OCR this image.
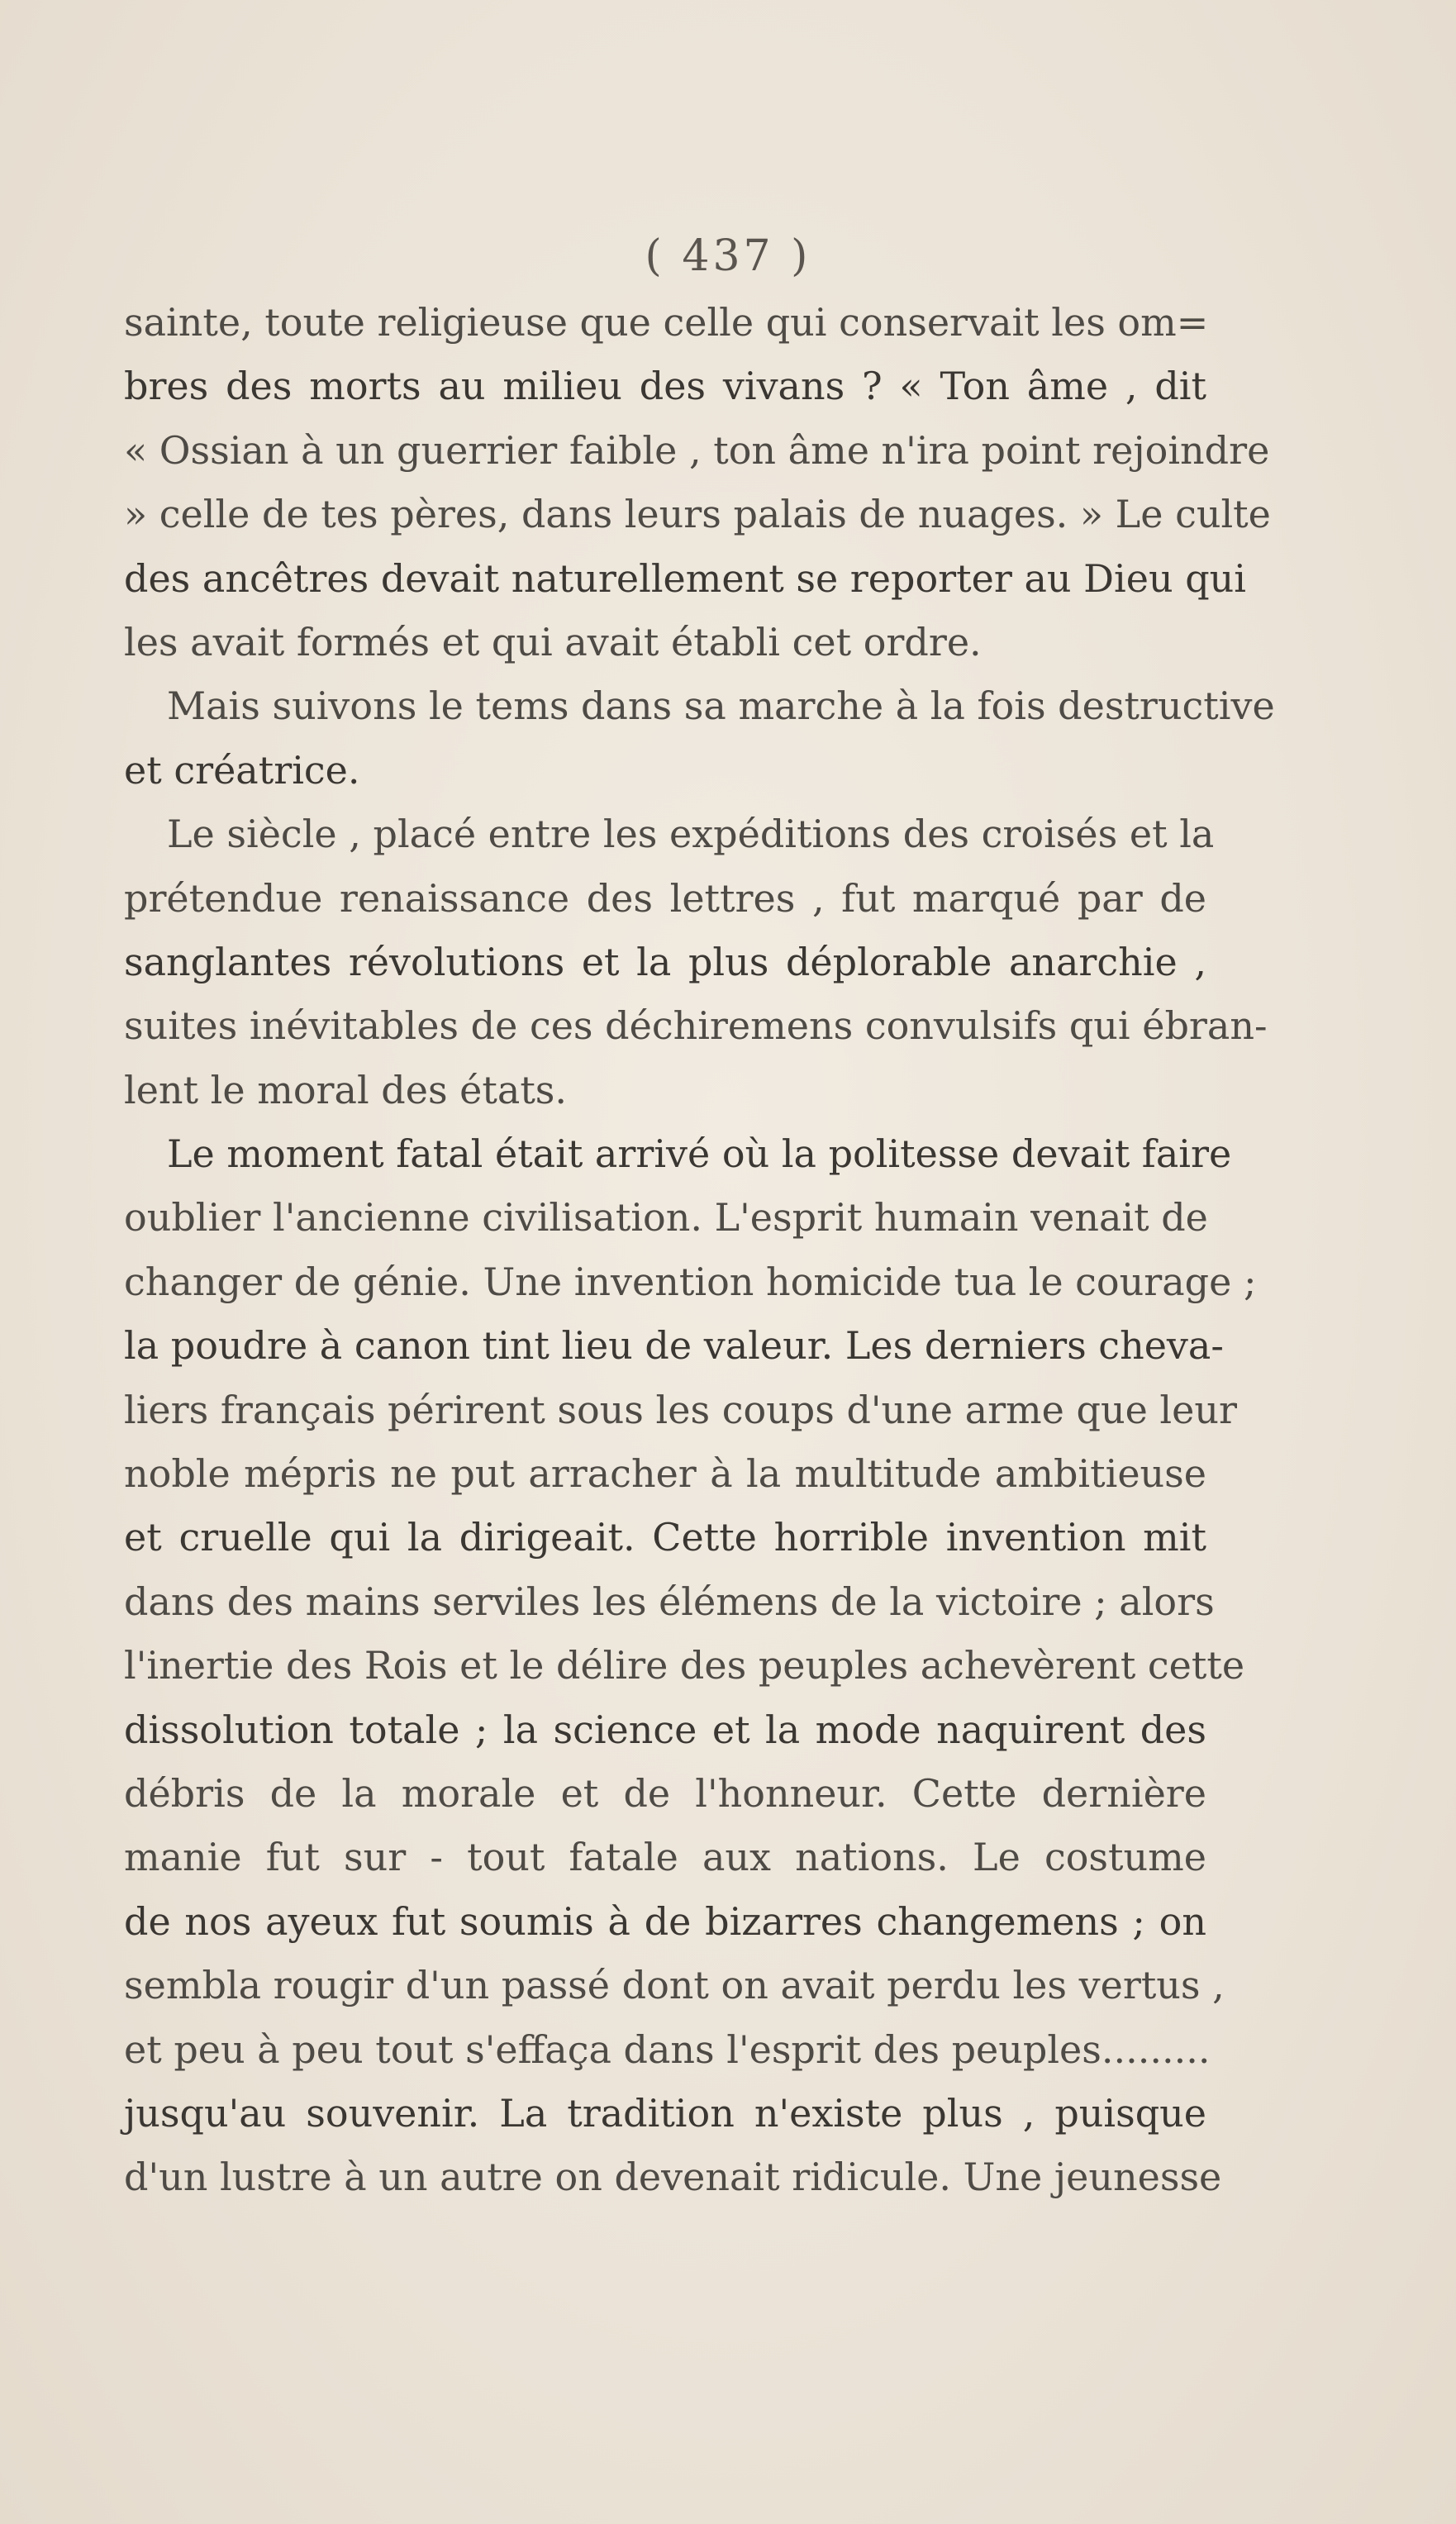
( 437 )
sainte, toute religieuse que celle qui conservait les om=
bres des morts au milieu des vivans ? « Ton âme , dit
« Ossian à un guerrier faible , ton âme n'ira point rejoindre
» celle de tes pères, dans leurs palais de nuages. » Le culte
des ancêtres devait naturellement se reporter au Dieu qui
les avait formés et qui avait établi cet ordre.
Mais suivons le tems dans sa marche à la fois destructive
et créatrice.
Le siècle , placé entre les expéditions des croisés et la
prétendue renaissance des lettres , fut marqué par de
sanglantes révolutions et la plus déplorable anarchie ,
suites inévitables de ces déchiremens convulsifs qui ébran-
lent le moral des états.
Le moment fatal était arrivé où la politesse devait faire
oublier l'ancienne civilisation. L'esprit humain venait de
changer de génie. Une invention homicide tua le courage ;
la poudre à canon tint lieu de valeur. Les derniers cheva-
liers français périrent sous les coups d'une arme que leur
noble mépris ne put arracher à la multitude ambitieuse
et cruelle qui la dirigeait. Cette horrible invention mit
dans des mains serviles les élémens de la victoire ; alors
l'inertie des Rois et le délire des peuples achevèrent cette
dissolution totale ; la science et la mode naquirent des
débris de la morale et de l'honneur. Cette dernière
manie fut sur - tout fatale aux nations. Le costume
de nos ayeux fut soumis à de bizarres changemens ; on
sembla rougir d'un passé dont on avait perdu les vertus ,
et peu à peu tout s'effaça dans l'esprit des peuples.........
jusqu'au souvenir. La tradition n'existe plus , puisque
d'un lustre à un autre on devenait ridicule. Une jeunesse
